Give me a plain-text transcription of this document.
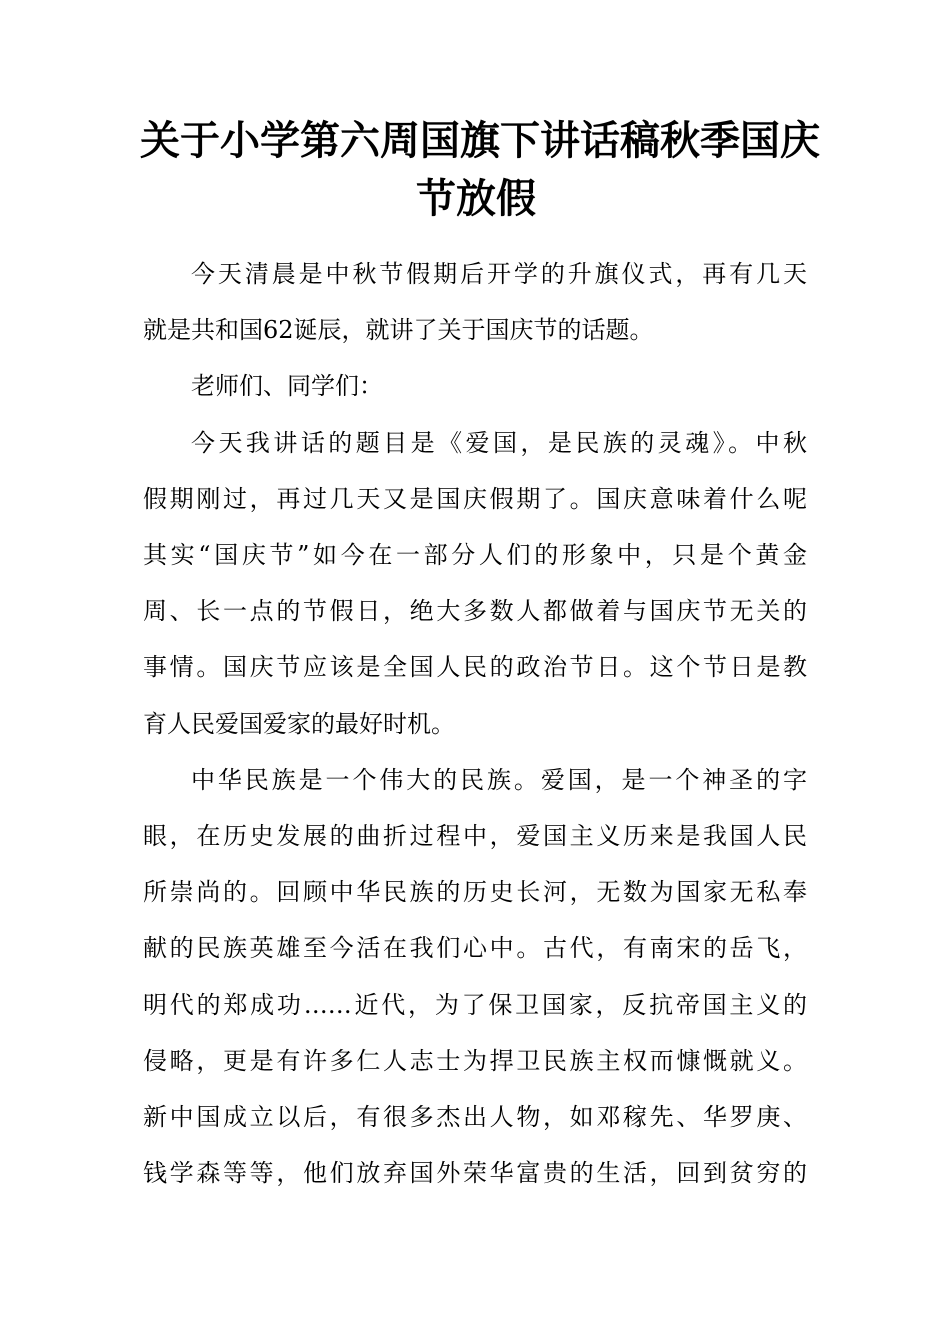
关于小学第六周国旗下讲话稿秋季国庆
节放假

今天清晨是中秋节假期后开学的升旗仪式，再有几天
就是共和国62诞辰，就讲了关于国庆节的话题。

老师们、同学们：

今天我讲话的题目是《爱国，是民族的灵魂》。中秋
假期刚过，再过几天又是国庆假期了。国庆意味着什么呢
其实“国庆节”如今在一部分人们的形象中，只是个黄金
周、长一点的节假日，绝大多数人都做着与国庆节无关的
事情。国庆节应该是全国人民的政治节日。这个节日是教
育人民爱国爱家的最好时机。

中华民族是一个伟大的民族。爱国，是一个神圣的字
眼，在历史发展的曲折过程中，爱国主义历来是我国人民
所崇尚的。回顾中华民族的历史长河，无数为国家无私奉
献的民族英雄至今活在我们心中。古代，有南宋的岳飞，
明代的郑成功……近代，为了保卫国家，反抗帝国主义的
侵略，更是有许多仁人志士为捍卫民族主权而慷慨就义。
新中国成立以后，有很多杰出人物，如邓稼先、华罗庚、
钱学森等等，他们放弃国外荣华富贵的生活，回到贫穷的
